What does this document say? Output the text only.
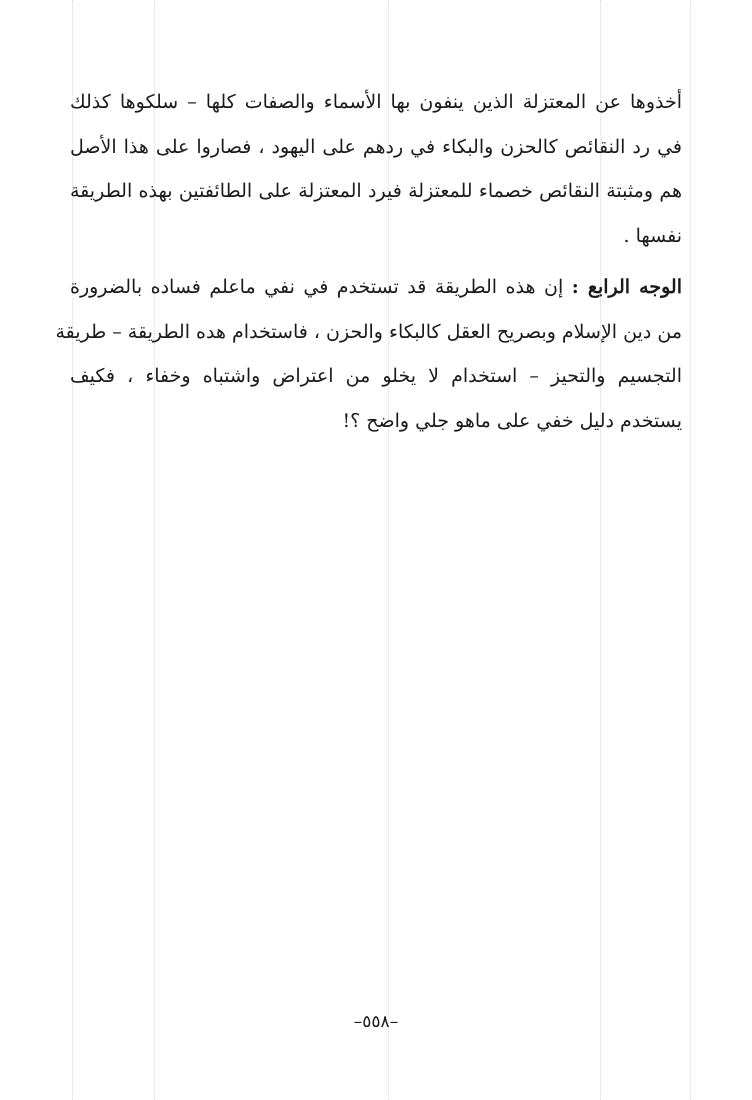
أخذوها عن المعتزلة الذين ينفون بها الأسماء والصفات كلها – سلكوها كذلك
في رد النقائص كالحزن والبكاء في ردهم على اليهود ، فصاروا على هذا الأصل
هم ومثبتة النقائص خصماء للمعتزلة فيرد المعتزلة على الطائفتين بهذه الطريقة
نفسها .
الوجه الرابع : إن هذه الطريقة قد تستخدم في نفي ماعلم فساده بالضرورة
من دين الإسلام وبصريح العقل كالبكاء والحزن ، فاستخدام هده الطريقة – طريقة
التجسيم والتحيز – استخدام لا يخلو من اعتراض واشتباه وخفاء ، فكيف
يستخدم دليل خفي على ماهو جلي واضح ؟!
–٥٥٨–
